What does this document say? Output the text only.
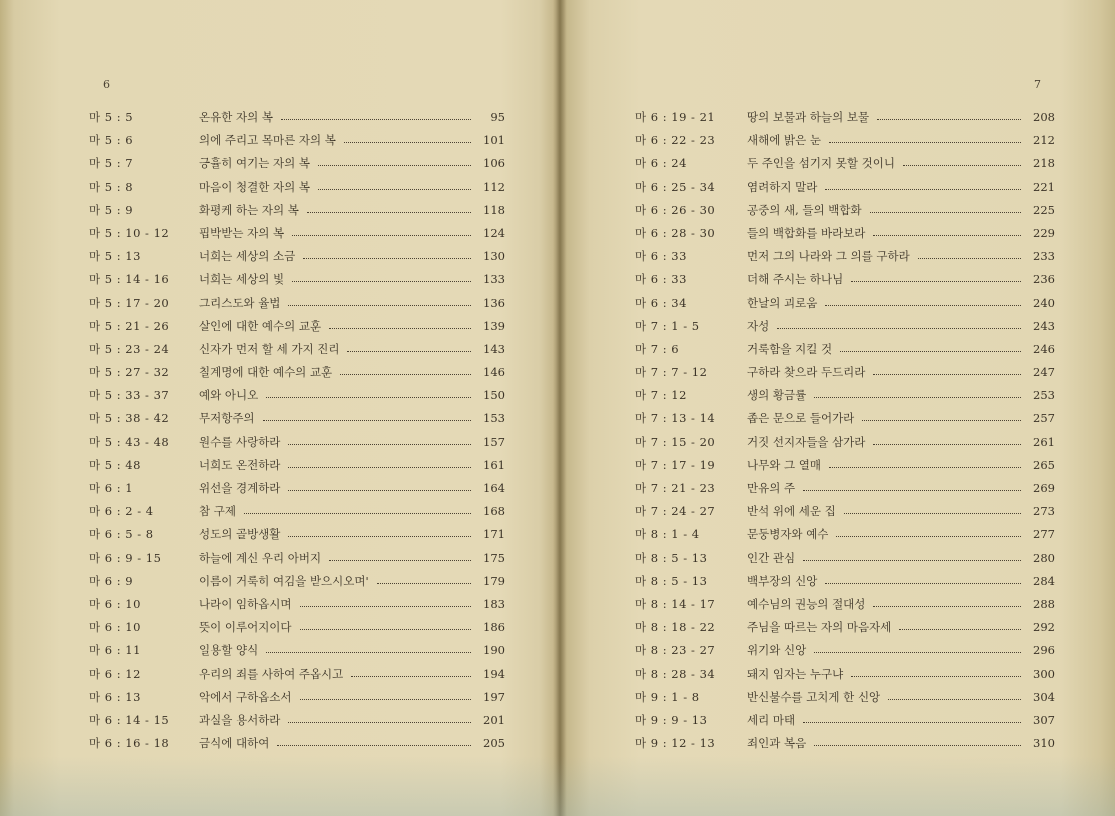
6	7
마 5 : 5	온유한 자의 복	95
마 5 : 6	의에 주리고 목마른 자의 복	101
마 5 : 7	긍휼히 여기는 자의 복	106
마 5 : 8	마음이 청결한 자의 복	112
마 5 : 9	화평케 하는 자의 복	118
마 5 : 10 - 12	핍박받는 자의 복	124
마 5 : 13	너희는 세상의 소금	130
마 5 : 14 - 16	너희는 세상의 빛	133
마 5 : 17 - 20	그리스도와 율법	136
마 5 : 21 - 26	살인에 대한 예수의 교훈	139
마 5 : 23 - 24	신자가 먼저 할 세 가지 진리	143
마 5 : 27 - 32	칠계명에 대한 예수의 교훈	146
마 5 : 33 - 37	예와 아니오	150
마 5 : 38 - 42	무저항주의	153
마 5 : 43 - 48	원수를 사랑하라	157
마 5 : 48	너희도 온전하라	161
마 6 : 1	위선을 경계하라	164
마 6 : 2 - 4	참 구제	168
마 6 : 5 - 8	성도의 골방생활	171
마 6 : 9 - 15	하늘에 계신 우리 아버지	175
마 6 : 9	이름이 거룩히 여김을 받으시오며'	179
마 6 : 10	나라이 임하옵시며	183
마 6 : 10	뜻이 이루어지이다	186
마 6 : 11	일용할 양식	190
마 6 : 12	우리의 죄를 사하여 주옵시고	194
마 6 : 13	악에서 구하옵소서	197
마 6 : 14 - 15	과실을 용서하라	201
마 6 : 16 - 18	금식에 대하여	205
마 6 : 19 - 21	땅의 보물과 하늘의 보물	208
마 6 : 22 - 23	새해에 밝은 눈	212
마 6 : 24	두 주인을 섬기지 못할 것이니	218
마 6 : 25 - 34	염려하지 말라	221
마 6 : 26 - 30	공중의 새, 들의 백합화	225
마 6 : 28 - 30	들의 백합화를 바라보라	229
마 6 : 33	먼저 그의 나라와 그 의를 구하라	233
마 6 : 33	더해 주시는 하나님	236
마 6 : 34	한날의 괴로움	240
마 7 : 1 - 5	자성	243
마 7 : 6	거룩함을 지킬 것	246
마 7 : 7 - 12	구하라 찾으라 두드리라	247
마 7 : 12	생의 황금률	253
마 7 : 13 - 14	좁은 문으로 들어가라	257
마 7 : 15 - 20	거짓 선지자들을 삼가라	261
마 7 : 17 - 19	나무와 그 열매	265
마 7 : 21 - 23	만유의 주	269
마 7 : 24 - 27	반석 위에 세운 집	273
마 8 : 1 - 4	문둥병자와 예수	277
마 8 : 5 - 13	인간 관심	280
마 8 : 5 - 13	백부장의 신앙	284
마 8 : 14 - 17	예수님의 권능의 절대성	288
마 8 : 18 - 22	주님을 따르는 자의 마음자세	292
마 8 : 23 - 27	위기와 신앙	296
마 8 : 28 - 34	돼지 임자는 누구냐	300
마 9 : 1 - 8	반신불수를 고치게 한 신앙	304
마 9 : 9 - 13	세리 마태	307
마 9 : 12 - 13	죄인과 복음	310
